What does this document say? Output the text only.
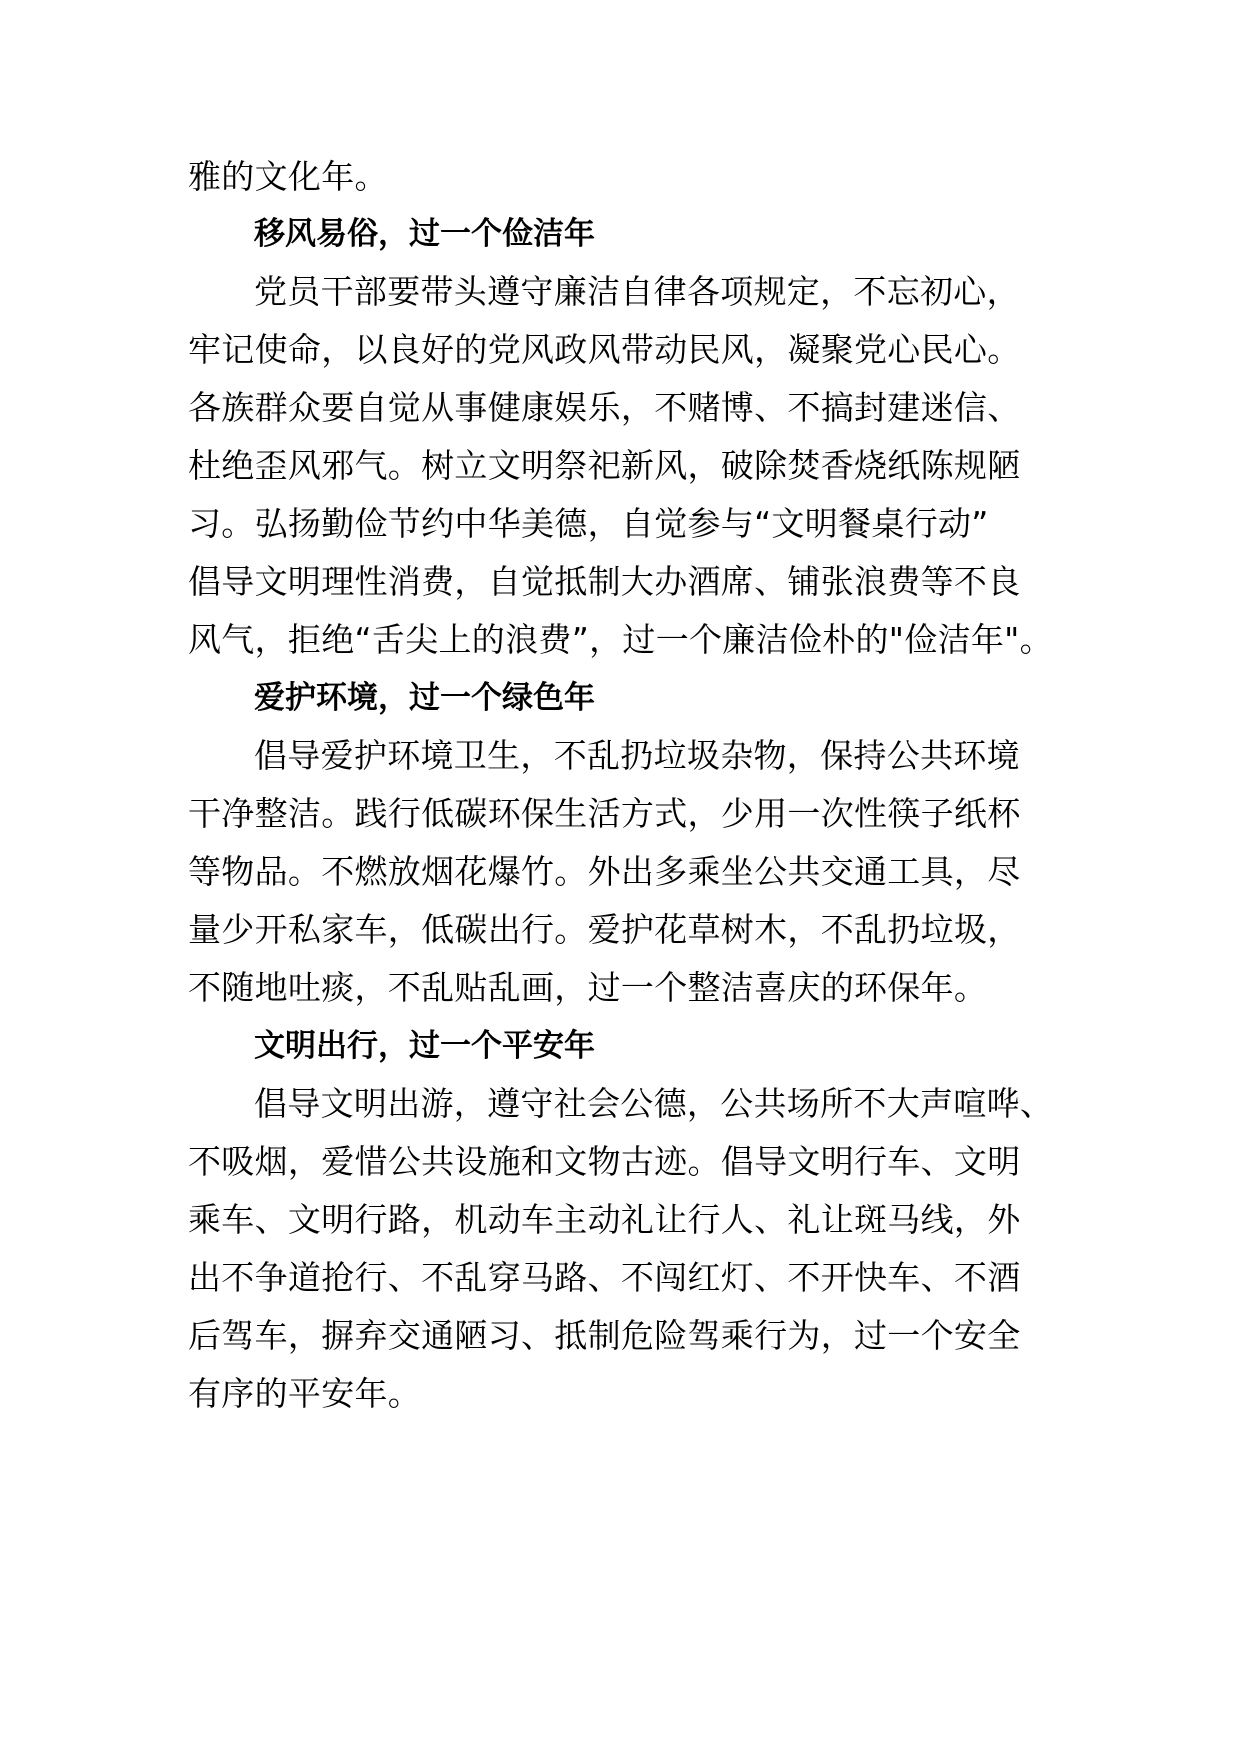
雅的文化年。
移风易俗，过一个俭洁年
党员干部要带头遵守廉洁自律各项规定，不忘初心，
牢记使命，以良好的党风政风带动民风，凝聚党心民心。
各族群众要自觉从事健康娱乐，不赌博、不搞封建迷信、
杜绝歪风邪气。树立文明祭祀新风，破除焚香烧纸陈规陋
习。弘扬勤俭节约中华美德，自觉参与“文明餐桌行动”
倡导文明理性消费，自觉抵制大办酒席、铺张浪费等不良
风气，拒绝“舌尖上的浪费”，过一个廉洁俭朴的"俭洁年"。
爱护环境，过一个绿色年
倡导爱护环境卫生，不乱扔垃圾杂物，保持公共环境
干净整洁。践行低碳环保生活方式，少用一次性筷子纸杯
等物品。不燃放烟花爆竹。外出多乘坐公共交通工具，尽
量少开私家车，低碳出行。爱护花草树木，不乱扔垃圾，
不随地吐痰，不乱贴乱画，过一个整洁喜庆的环保年。
文明出行，过一个平安年
倡导文明出游，遵守社会公德，公共场所不大声喧哗、
不吸烟，爱惜公共设施和文物古迹。倡导文明行车、文明
乘车、文明行路，机动车主动礼让行人、礼让斑马线，外
出不争道抢行、不乱穿马路、不闯红灯、不开快车、不酒
后驾车，摒弃交通陋习、抵制危险驾乘行为，过一个安全
有序的平安年。
